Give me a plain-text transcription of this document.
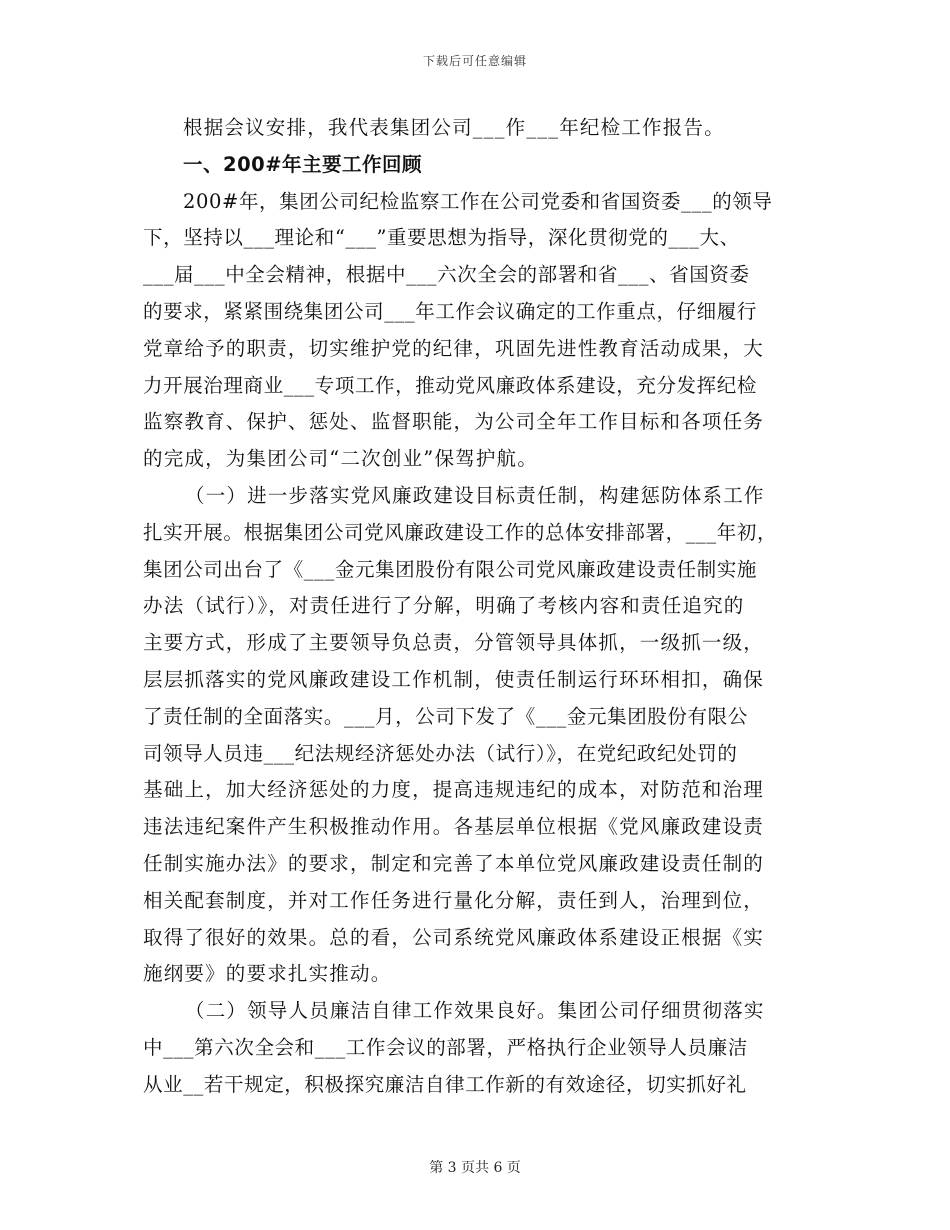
下载后可任意编辑
根据会议安排，我代表集团公司___作___年纪检工作报告。
一、200#年主要工作回顾
200#年，集团公司纪检监察工作在公司党委和省国资委___的领导
下，坚持以___理论和“___”重要思想为指导，深化贯彻党的___大、
___届___中全会精神，根据中___六次全会的部署和省___、省国资委
的要求，紧紧围绕集团公司___年工作会议确定的工作重点，仔细履行
党章给予的职责，切实维护党的纪律，巩固先进性教育活动成果，大
力开展治理商业___专项工作，推动党风廉政体系建设，充分发挥纪检
监察教育、保护、惩处、监督职能，为公司全年工作目标和各项任务
的完成，为集团公司“二次创业”保驾护航。
（一）进一步落实党风廉政建设目标责任制，构建惩防体系工作
扎实开展。根据集团公司党风廉政建设工作的总体安排部署，___年初，
集团公司出台了《___金元集团股份有限公司党风廉政建设责任制实施
办法（试行）》，对责任进行了分解，明确了考核内容和责任追究的
主要方式，形成了主要领导负总责，分管领导具体抓，一级抓一级，
层层抓落实的党风廉政建设工作机制，使责任制运行环环相扣，确保
了责任制的全面落实。___月，公司下发了《___金元集团股份有限公
司领导人员违___纪法规经济惩处办法（试行）》，在党纪政纪处罚的
基础上，加大经济惩处的力度，提高违规违纪的成本，对防范和治理
违法违纪案件产生积极推动作用。各基层单位根据《党风廉政建设责
任制实施办法》的要求，制定和完善了本单位党风廉政建设责任制的
相关配套制度，并对工作任务进行量化分解，责任到人，治理到位，
取得了很好的效果。总的看，公司系统党风廉政体系建设正根据《实
施纲要》的要求扎实推动。
（二）领导人员廉洁自律工作效果良好。集团公司仔细贯彻落实
中___第六次全会和___工作会议的部署，严格执行企业领导人员廉洁
从业__若干规定，积极探究廉洁自律工作新的有效途径，切实抓好礼
第 3 页共 6 页
